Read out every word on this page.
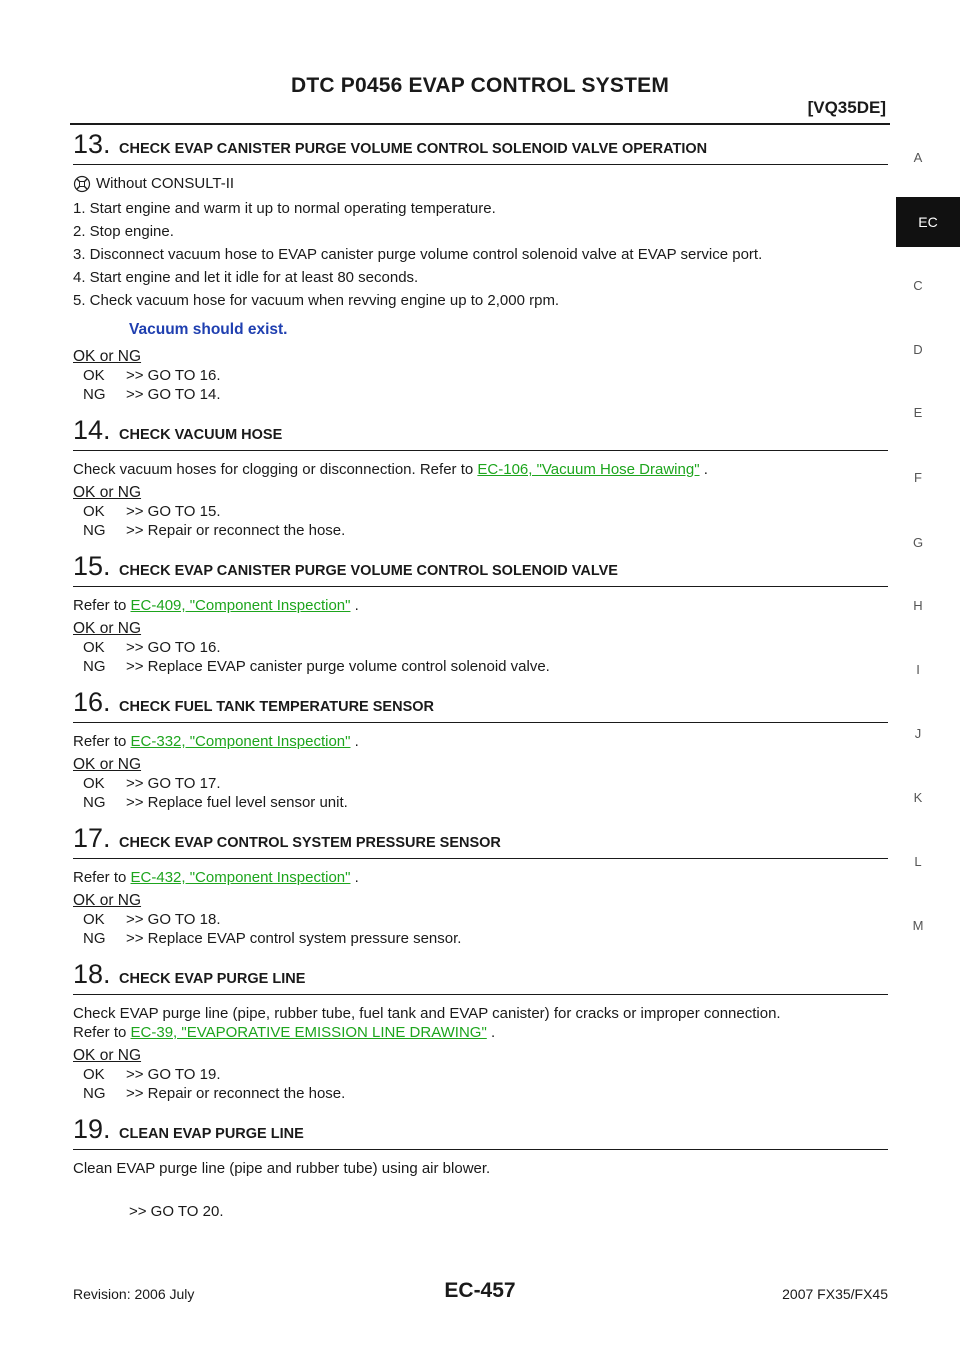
DTC P0456 EVAP CONTROL SYSTEM
[VQ35DE]
A
EC
C
D
E
F
G
H
I
J
K
L
M
13. CHECK EVAP CANISTER PURGE VOLUME CONTROL SOLENOID VALVE OPERATION

Without CONSULT-II

1. Start engine and warm it up to normal operating temperature.
2. Stop engine.
3. Disconnect vacuum hose to EVAP canister purge volume control solenoid valve at EVAP service port.
4. Start engine and let it idle for at least 80 seconds.
5. Check vacuum hose for vacuum when revving engine up to 2,000 rpm.

Vacuum should exist.

OK or NG

OK	>> GO TO 16.
NG	>> GO TO 14.
14. CHECK VACUUM HOSE

Check vacuum hoses for clogging or disconnection. Refer to EC-106, "Vacuum Hose Drawing" .

OK or NG

OK	>> GO TO 15.
NG	>> Repair or reconnect the hose.
15. CHECK EVAP CANISTER PURGE VOLUME CONTROL SOLENOID VALVE

Refer to EC-409, "Component Inspection" .

OK or NG

OK	>> GO TO 16.
NG	>> Replace EVAP canister purge volume control solenoid valve.
16. CHECK FUEL TANK TEMPERATURE SENSOR

Refer to EC-332, "Component Inspection" .

OK or NG

OK	>> GO TO 17.
NG	>> Replace fuel level sensor unit.
17. CHECK EVAP CONTROL SYSTEM PRESSURE SENSOR

Refer to EC-432, "Component Inspection" .

OK or NG

OK	>> GO TO 18.
NG	>> Replace EVAP control system pressure sensor.
18. CHECK EVAP PURGE LINE

Check EVAP purge line (pipe, rubber tube, fuel tank and EVAP canister) for cracks or improper connection.

Refer to EC-39, "EVAPORATIVE EMISSION LINE DRAWING" .

OK or NG

OK	>> GO TO 19.
NG	>> Repair or reconnect the hose.
19. CLEAN EVAP PURGE LINE

Clean EVAP purge line (pipe and rubber tube) using air blower.

>> GO TO 20.

Revision: 2006 July	EC-457	2007 FX35/FX45
